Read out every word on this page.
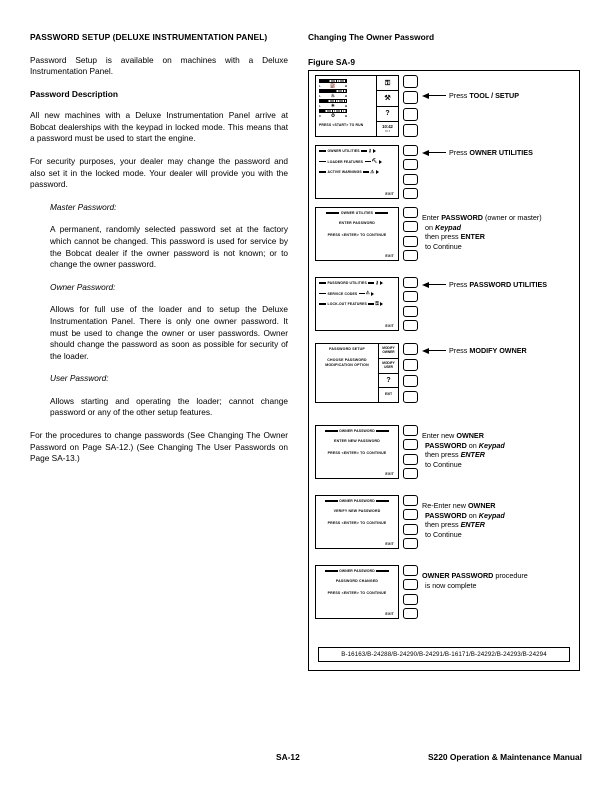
PASSWORD SETUP (DELUXE INSTRUMENTATION PANEL)

Password Setup is available on machines with a Deluxe Instrumentation Panel.

Password Description

All new machines with a Deluxe Instrumentation Panel arrive at Bobcat dealerships with the keypad in locked mode. This means that a password must be used to start the engine.

For security purposes, your dealer may change the password and also set it in the locked mode. Your dealer will provide you with the password.

Master Password:

A permanent, randomly selected password set at the factory which cannot be changed. This password is used for service by the Bobcat dealer if the owner password is not known; or to change the owner password.

Owner Password:

Allows for full use of the loader and to setup the Deluxe Instrumentation Panel. There is only one owner password. It must be used to change the owner or user passwords. Owner should change the password as soon as possible for security of the loader.

User Password:

Allows starting and operating the loader; cannot change password or any of the other setup features.

For the procedures to change passwords (See Changing The Owner Password on Page SA-12.) (See Changing The User Passwords on Page SA-13.)

Changing The Owner Password
Figure SA-9
B-16163/B-24288/B-24290/B-24291/B-16171/B-24292/B-24293/B-24294
L ⛽	H
L ♨	H
L ☀	H
C ⏱	H
PRESS <START> TO RUN
⚿
⚒
?
10:42
hr.f
Press TOOL / SETUP
OWNER UTILITIES	⚷
LOADER FEATURES	⛏
ACTIVE WARNINGS	⚠
EXIT
Press OWNER UTILITIES
OWNER UTILITIES
ENTER PASSWORD
PRESS <ENTER> TO CONTINUE
EXIT
Enter PASSWORD (owner or master)
on Keypad
then press ENTER
to Continue
PASSWORD UTILITIES	⚷
SERVICE CODES	⚠
LOCK-OUT FEATURES	⚿
EXIT
Press PASSWORD UTILITIES
PASSWORD SETUP
CHOOSE PASSWORD
MODIFICATION OPTION
MODIFY OWNER
MODIFY USER
?
EXIT
Press MODIFY OWNER
OWNER PASSWORD
ENTER NEW PASSWORD
PRESS <ENTER> TO CONTINUE
EXIT
Enter new OWNER
PASSWORD on Keypad
then press ENTER
to Continue
OWNER PASSWORD
VERIFY NEW PASSWORD
PRESS <ENTER> TO CONTINUE
EXIT
Re-Enter new OWNER
PASSWORD on Keypad
then press ENTER
to Continue
OWNER PASSWORD
PASSWORD CHANGED
PRESS <ENTER> TO CONTINUE
EXIT
OWNER PASSWORD procedure
is now complete
SA-12	S220 Operation & Maintenance Manual
